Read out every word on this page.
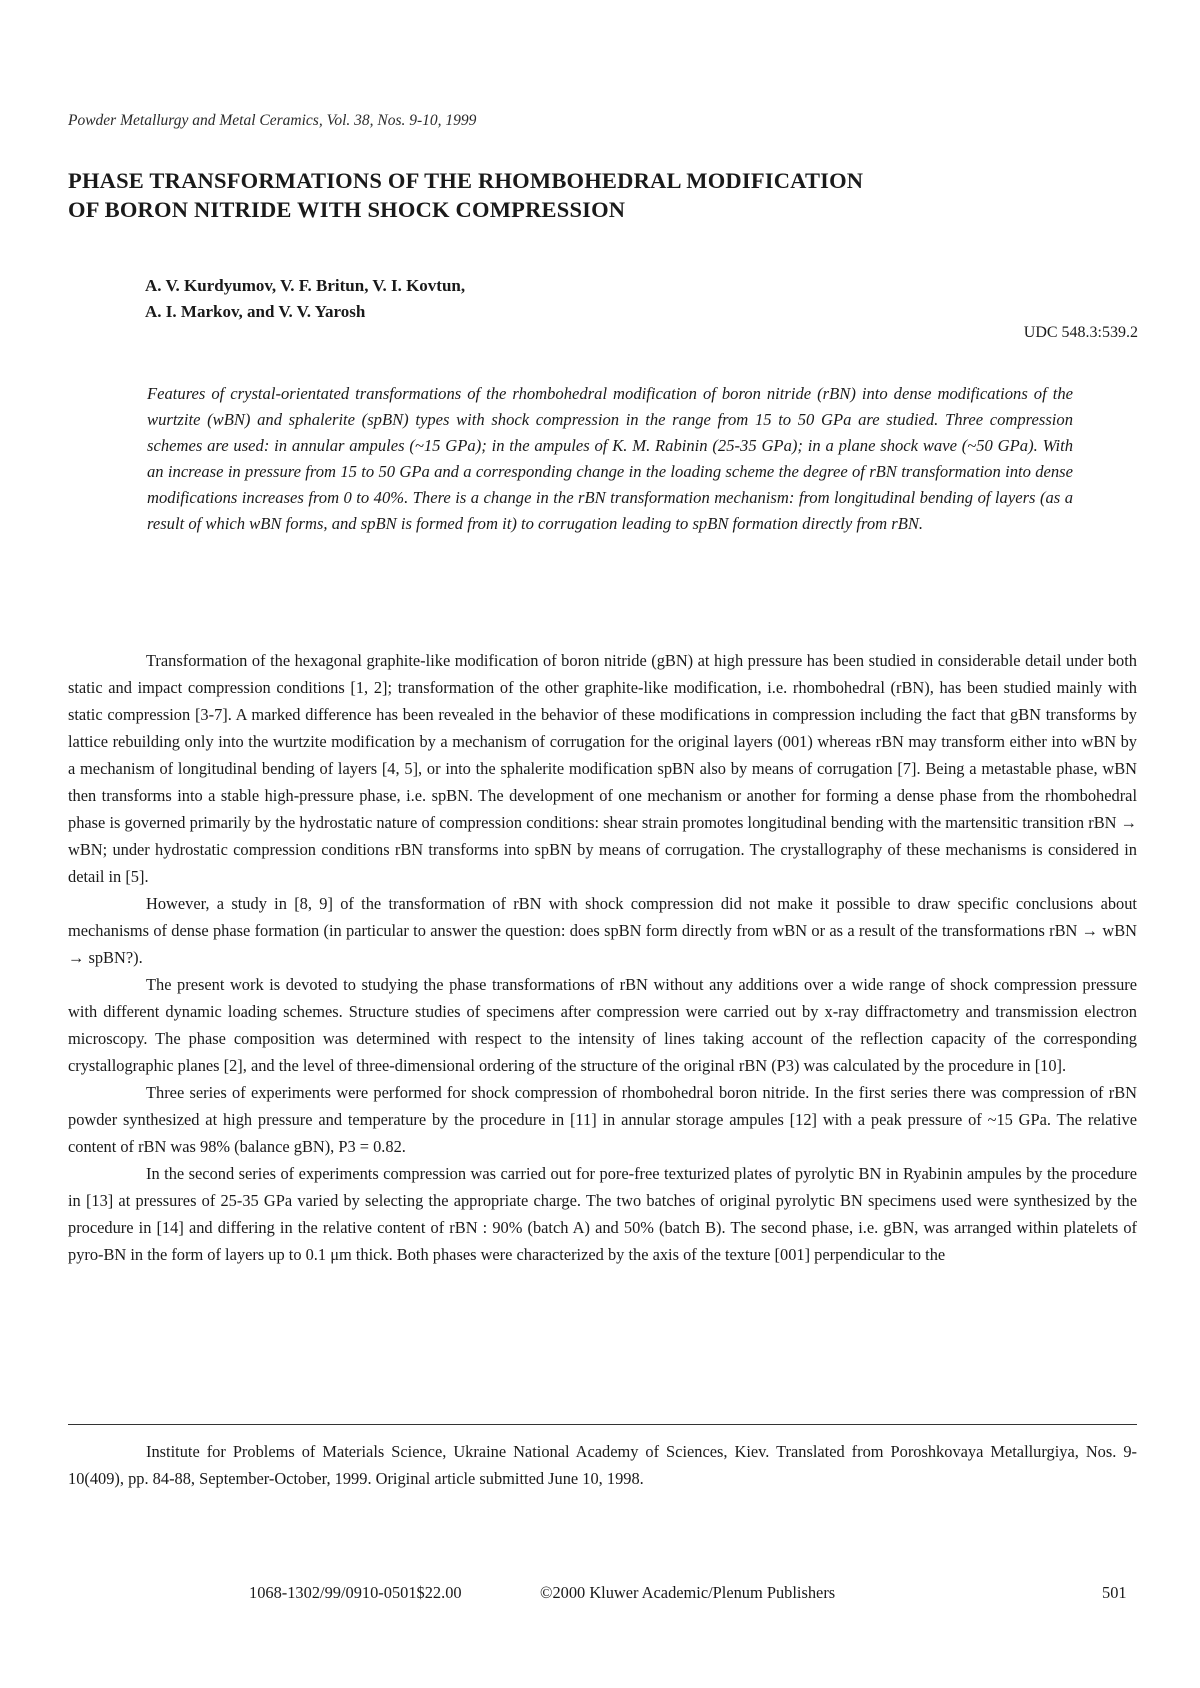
Powder Metallurgy and Metal Ceramics, Vol. 38, Nos. 9-10, 1999
PHASE TRANSFORMATIONS OF THE RHOMBOHEDRAL MODIFICATION
OF BORON NITRIDE WITH SHOCK COMPRESSION
A. V. Kurdyumov, V. F. Britun, V. I. Kovtun,
A. I. Markov, and V. V. Yarosh
UDC 548.3:539.2

Features of crystal-orientated transformations of the rhombohedral modification of boron nitride (rBN) into dense modifications of the wurtzite (wBN) and sphalerite (spBN) types with shock compression in the range from 15 to 50 GPa are studied. Three compression schemes are used: in annular ampules (~15 GPa); in the ampules of K. M. Rabinin (25-35 GPa); in a plane shock wave (~50 GPa). With an increase in pressure from 15 to 50 GPa and a corresponding change in the loading scheme the degree of rBN transformation into dense modifications increases from 0 to 40%. There is a change in the rBN transformation mechanism: from longitudinal bending of layers (as a result of which wBN forms, and spBN is formed from it) to corrugation leading to spBN formation directly from rBN.

Transformation of the hexagonal graphite-like modification of boron nitride (gBN) at high pressure has been studied in considerable detail under both static and impact compression conditions [1, 2]; transformation of the other graphite-like modification, i.e. rhombohedral (rBN), has been studied mainly with static compression [3-7]. A marked difference has been revealed in the behavior of these modifications in compression including the fact that gBN transforms by lattice rebuilding only into the wurtzite modification by a mechanism of corrugation for the original layers (001) whereas rBN may transform either into wBN by a mechanism of longitudinal bending of layers [4, 5], or into the sphalerite modification spBN also by means of corrugation [7]. Being a metastable phase, wBN then transforms into a stable high-pressure phase, i.e. spBN. The development of one mechanism or another for forming a dense phase from the rhombohedral phase is governed primarily by the hydrostatic nature of compression conditions: shear strain promotes longitudinal bending with the martensitic transition rBN → wBN; under hydrostatic compression conditions rBN transforms into spBN by means of corrugation. The crystallography of these mechanisms is considered in detail in [5].

However, a study in [8, 9] of the transformation of rBN with shock compression did not make it possible to draw specific conclusions about mechanisms of dense phase formation (in particular to answer the question: does spBN form directly from wBN or as a result of the transformations rBN → wBN → spBN?).

The present work is devoted to studying the phase transformations of rBN without any additions over a wide range of shock compression pressure with different dynamic loading schemes. Structure studies of specimens after compression were carried out by x-ray diffractometry and transmission electron microscopy. The phase composition was determined with respect to the intensity of lines taking account of the reflection capacity of the corresponding crystallographic planes [2], and the level of three-dimensional ordering of the structure of the original rBN (P3) was calculated by the procedure in [10].

Three series of experiments were performed for shock compression of rhombohedral boron nitride. In the first series there was compression of rBN powder synthesized at high pressure and temperature by the procedure in [11] in annular storage ampules [12] with a peak pressure of ~15 GPa. The relative content of rBN was 98% (balance gBN), P3 = 0.82.

In the second series of experiments compression was carried out for pore-free texturized plates of pyrolytic BN in Ryabinin ampules by the procedure in [13] at pressures of 25-35 GPa varied by selecting the appropriate charge. The two batches of original pyrolytic BN specimens used were synthesized by the procedure in [14] and differing in the relative content of rBN : 90% (batch A) and 50% (batch B). The second phase, i.e. gBN, was arranged within platelets of pyro-BN in the form of layers up to 0.1 μm thick. Both phases were characterized by the axis of the texture [001] perpendicular to the

Institute for Problems of Materials Science, Ukraine National Academy of Sciences, Kiev. Translated from Poroshkovaya Metallurgiya, Nos. 9-10(409), pp. 84-88, September-October, 1999. Original article submitted June 10, 1998.

1068-1302/99/0910-0501$22.00	©2000 Kluwer Academic/Plenum Publishers	501
